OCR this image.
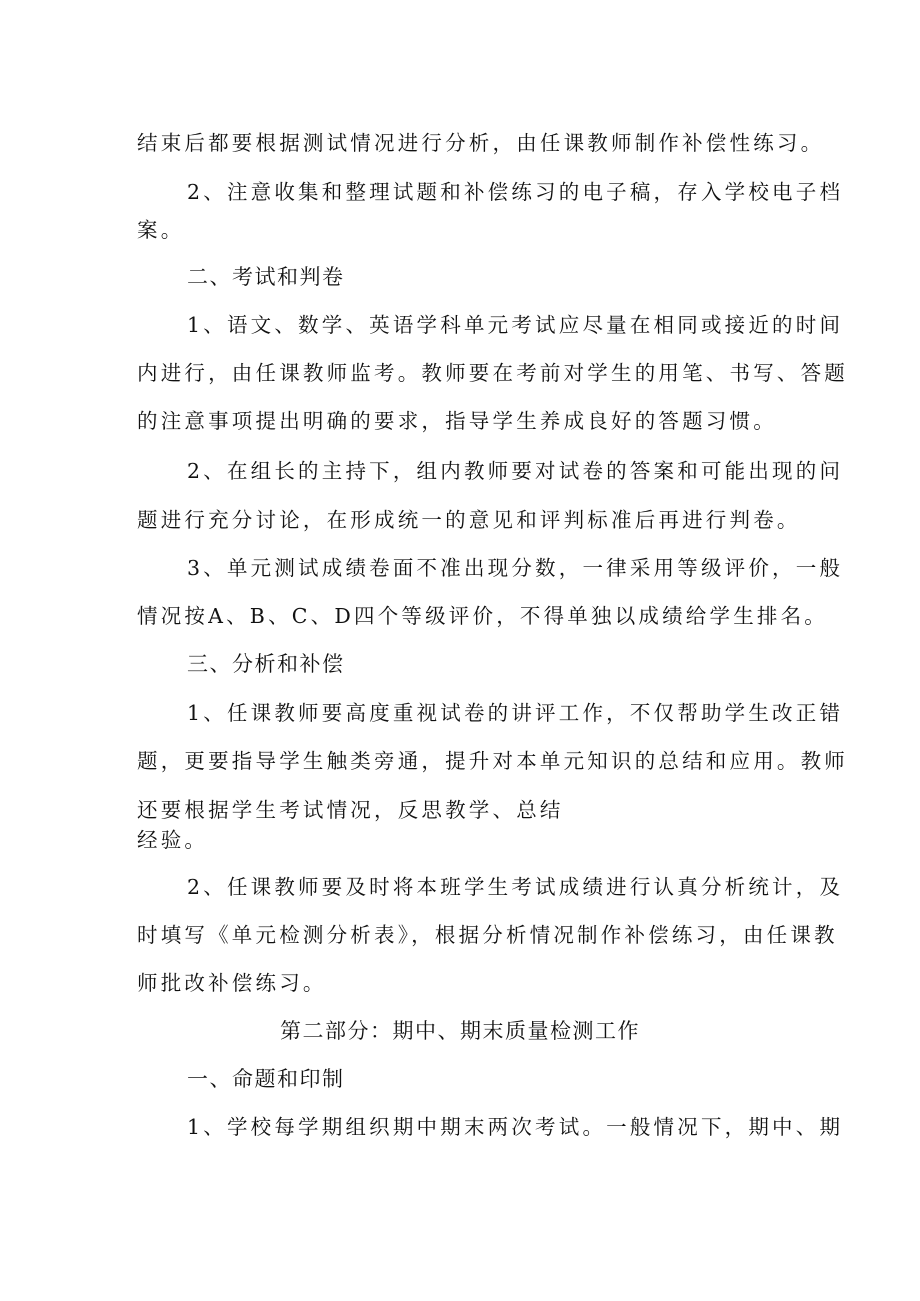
结束后都要根据测试情况进行分析，由任课教师制作补偿性练习。
2、注意收集和整理试题和补偿练习的电子稿，存入学校电子档
案。
二、考试和判卷
1、语文、数学、英语学科单元考试应尽量在相同或接近的时间
内进行，由任课教师监考。教师要在考前对学生的用笔、书写、答题
的注意事项提出明确的要求，指导学生养成良好的答题习惯。
2、在组长的主持下，组内教师要对试卷的答案和可能出现的问
题进行充分讨论，在形成统一的意见和评判标准后再进行判卷。
3、单元测试成绩卷面不准出现分数，一律采用等级评价，一般
情况按A、B、C、D四个等级评价，不得单独以成绩给学生排名。
三、分析和补偿
1、任课教师要高度重视试卷的讲评工作，不仅帮助学生改正错
题，更要指导学生触类旁通，提升对本单元知识的总结和应用。教师
还要根据学生考试情况，反思教学、总结
经验。
2、任课教师要及时将本班学生考试成绩进行认真分析统计，及
时填写《单元检测分析表》，根据分析情况制作补偿练习，由任课教
师批改补偿练习。
第二部分：期中、期末质量检测工作
一、命题和印制
1、学校每学期组织期中期末两次考试。一般情况下，期中、期
